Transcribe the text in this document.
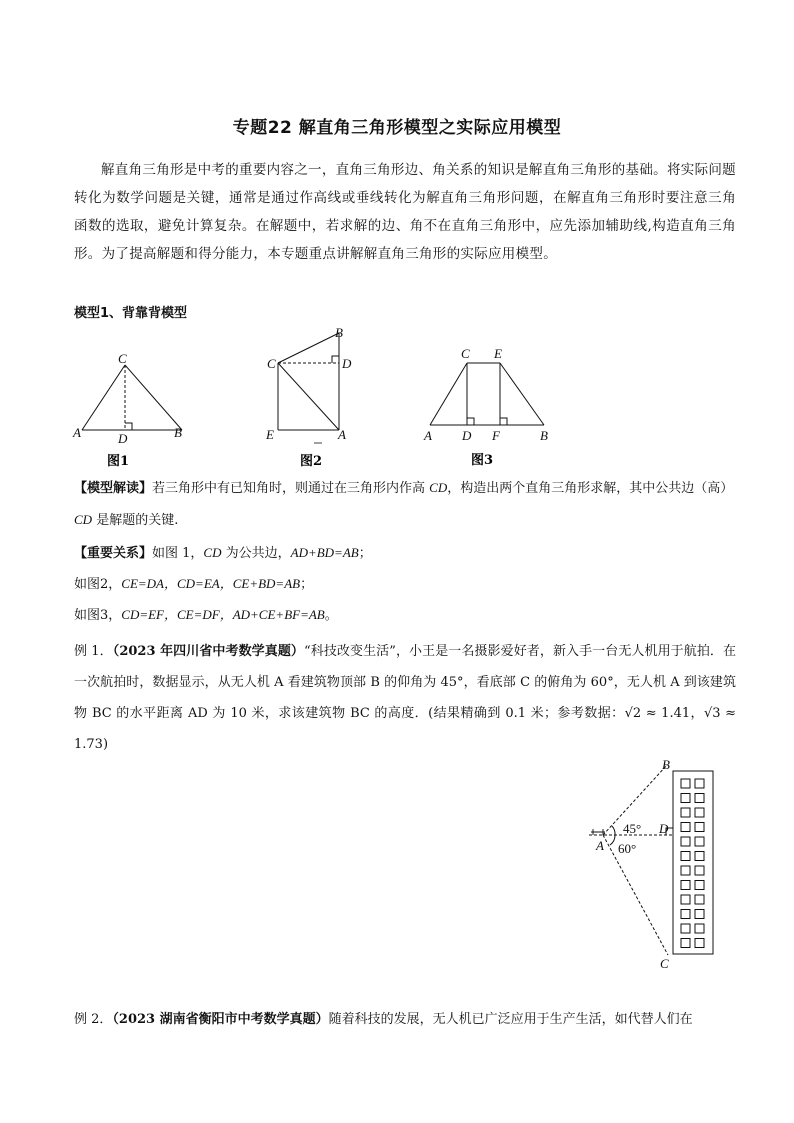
专题22 解直角三角形模型之实际应用模型
解直角三角形是中考的重要内容之一，直角三角形边、角关系的知识是解直角三角形的基础。将实际问题转化为数学问题是关键，通常是通过作高线或垂线转化为解直角三角形问题，在解直角三角形时要注意三角函数的选取，避免计算复杂。在解题中，若求解的边、角不在直角三角形中，应先添加辅助线,构造直角三角形。为了提高解题和得分能力，本专题重点讲解解直角三角形的实际应用模型。
模型1、背靠背模型
C
A	B
D
图1
B
C	D
E	A
图2
C E
A D F	B
图3
【模型解读】若三角形中有已知角时，则通过在三角形内作高 CD，构造出两个直角三角形求解，其中公共边（高）
CD 是解题的关键.
【重要关系】如图 1，CD 为公共边，AD+BD=AB；
如图2，CE=DA，CD=EA，CE+BD=AB；
如图3，CD=EF，CE=DF，AD+CE+BF=AB。
例 1．（2023 年四川省中考数学真题）“科技改变生活”，小王是一名摄影爱好者，新入手一台无人机用于航拍．在一次航拍时，数据显示，从无人机 A 看建筑物顶部 B 的仰角为 45°，看底部 C 的俯角为 60°，无人机 A 到该建筑物 BC 的水平距离 AD 为 10 米，求该建筑物 BC 的高度．(结果精确到 0.1 米；参考数据：√2 ≈ 1.41，√3 ≈ 1.73)
B
C
D
A
45°
60°
例 2．（2023 湖南省衡阳市中考数学真题）随着科技的发展，无人机已广泛应用于生产生活，如代替人们在
